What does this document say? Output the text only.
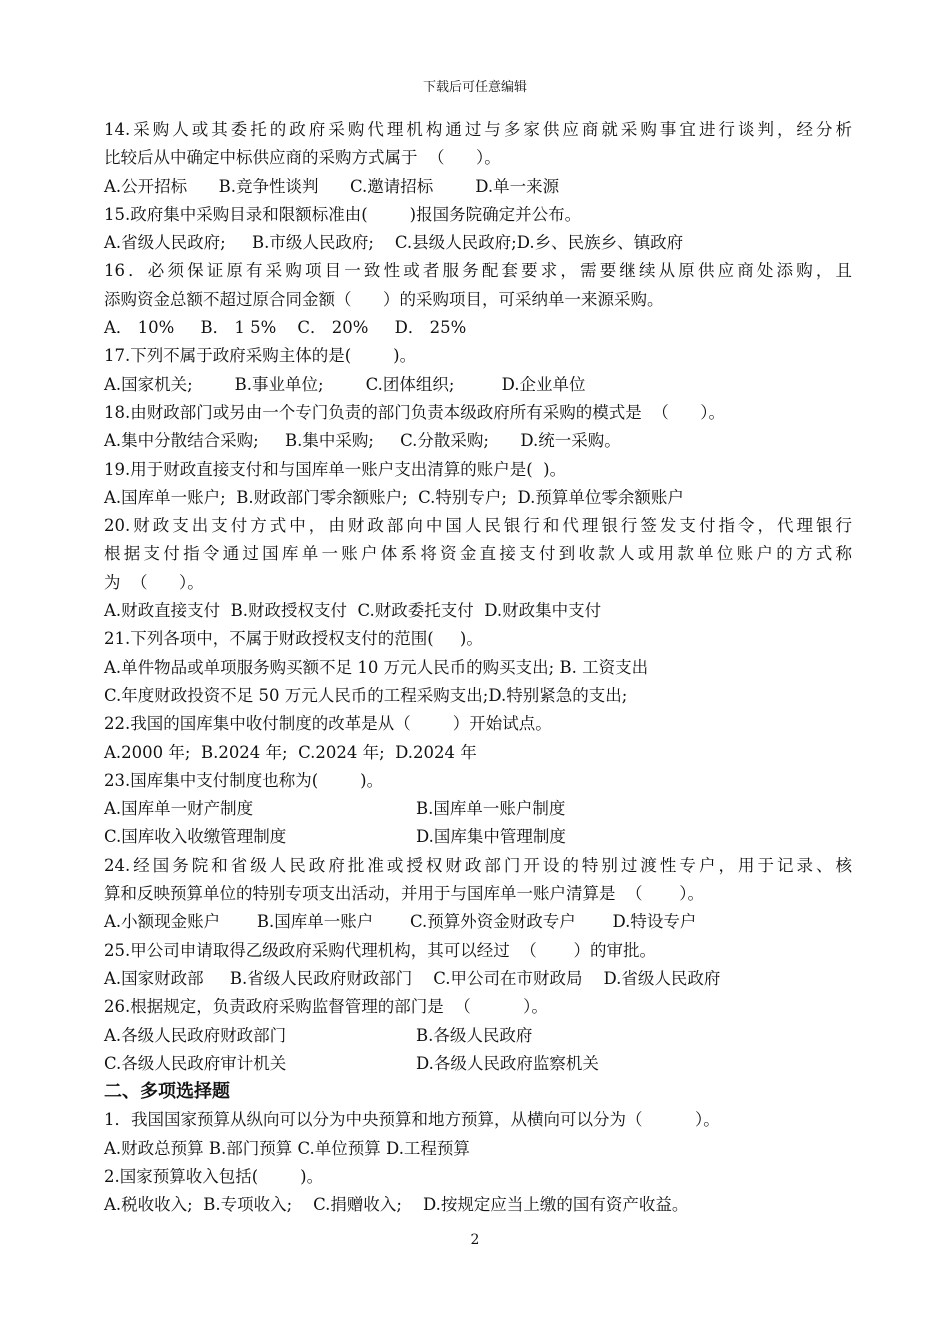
下载后可任意编辑
14.采购人或其委托的政府采购代理机构通过与多家供应商就采购事宜进行谈判，经分析
比较后从中确定中标供应商的采购方式属于  （      ）。
A.公开招标      B.竞争性谈判      C.邀请招标        D.单一来源
15.政府集中采购目录和限额标准由(        )报国务院确定并公布。
A.省级人民政府;     B.市级人民政府;    C.县级人民政府;D.乡、民族乡、镇政府
16．必须保证原有采购项目一致性或者服务配套要求，需要继续从原供应商处添购，且
添购资金总额不超过原合同金额（      ）的采购项目，可采纳单一来源采购。
A． 10%     B． 1 5%    C． 20%     D． 25%
17.下列不属于政府采购主体的是(        )。
A.国家机关;        B.事业单位;        C.团体组织;         D.企业单位
18.由财政部门或另由一个专门负责的部门负责本级政府所有采购的模式是  （      ）。
A.集中分散结合采购;     B.集中采购;     C.分散采购;      D.统一采购。
19.用于财政直接支付和与国库单一账户支出清算的账户是(  )。
A.国库单一账户;  B.财政部门零余额账户;  C.特别专户;  D.预算单位零余额账户
20.财政支出支付方式中，由财政部向中国人民银行和代理银行签发支付指令，代理银行
根据支付指令通过国库单一账户体系将资金直接支付到收款人或用款单位账户的方式称
为  （      ）。
A.财政直接支付  B.财政授权支付  C.财政委托支付  D.财政集中支付
21.下列各项中，不属于财政授权支付的范围(     )。
A.单件物品或单项服务购买额不足 10 万元人民币的购买支出; B. 工资支出
C.年度财政投资不足 50 万元人民币的工程采购支出;D.特别紧急的支出;
22.我国的国库集中收付制度的改革是从（        ）开始试点。
A.2000 年;  B.2024 年;  C.2024 年;  D.2024 年
23.国库集中支付制度也称为(        )。
A.国库单一财产制度	B.国库单一账户制度
C.国库收入收缴管理制度	D.国库集中管理制度
24.经国务院和省级人民政府批准或授权财政部门开设的特别过渡性专户，用于记录、核
算和反映预算单位的特别专项支出活动，并用于与国库单一账户清算是  （       ）。
A.小额现金账户       B.国库单一账户       C.预算外资金财政专户       D.特设专户
25.甲公司申请取得乙级政府采购代理机构，其可以经过  （       ）的审批。
A.国家财政部     B.省级人民政府财政部门    C.甲公司在市财政局    D.省级人民政府
26.根据规定，负责政府采购监督管理的部门是  （          ）。
A.各级人民政府财政部门	B.各级人民政府
C.各级人民政府审计机关	D.各级人民政府监察机关
二、多项选择题
1．我国国家预算从纵向可以分为中央预算和地方预算，从横向可以分为（          ）。
A.财政总预算 B.部门预算 C.单位预算 D.工程预算
2.国家预算收入包括(        )。
A.税收收入;  B.专项收入;    C.捐赠收入;    D.按规定应当上缴的国有资产收益。
2
